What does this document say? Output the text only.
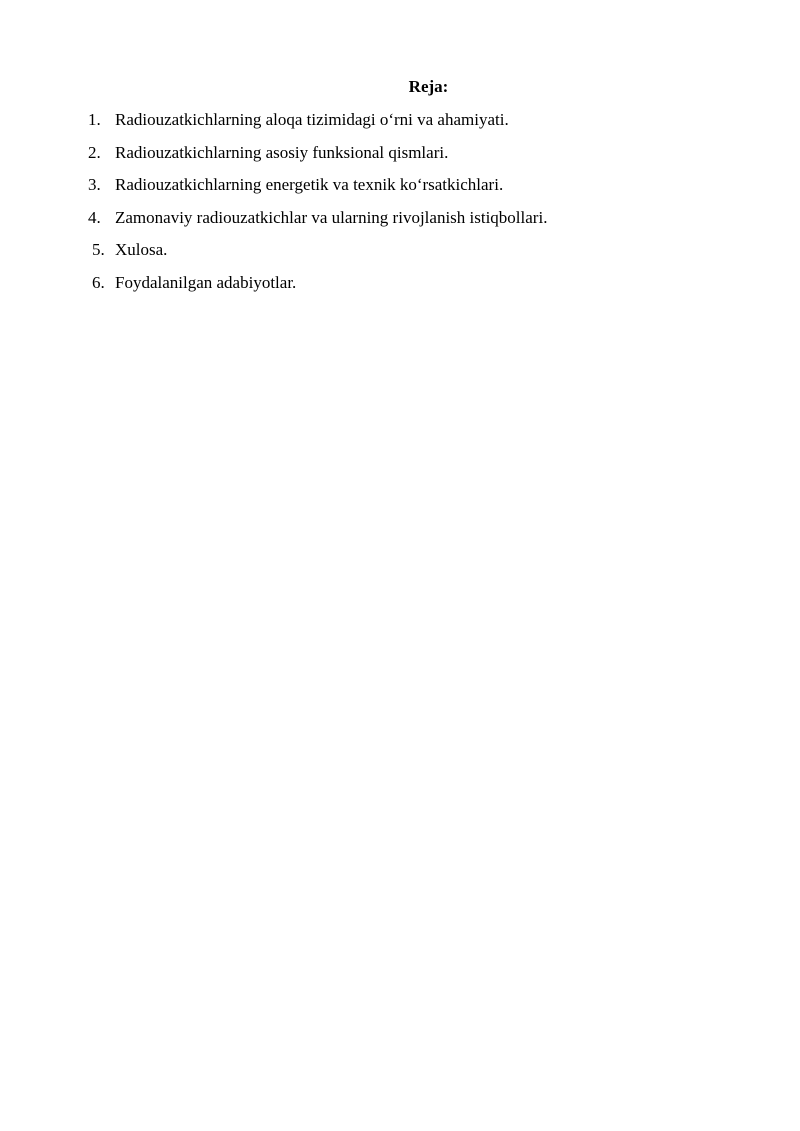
Reja:
1. Radiouzatkichlarning aloqa tizimidagi o‘rni va ahamiyati.
2. Radiouzatkichlarning asosiy funksional qismlari.
3. Radiouzatkichlarning energetik va texnik ko‘rsatkichlari.
4. Zamonaviy radiouzatkichlar va ularning rivojlanish istiqbollari.
5. Xulosa.
6. Foydalanilgan adabiyotlar.
